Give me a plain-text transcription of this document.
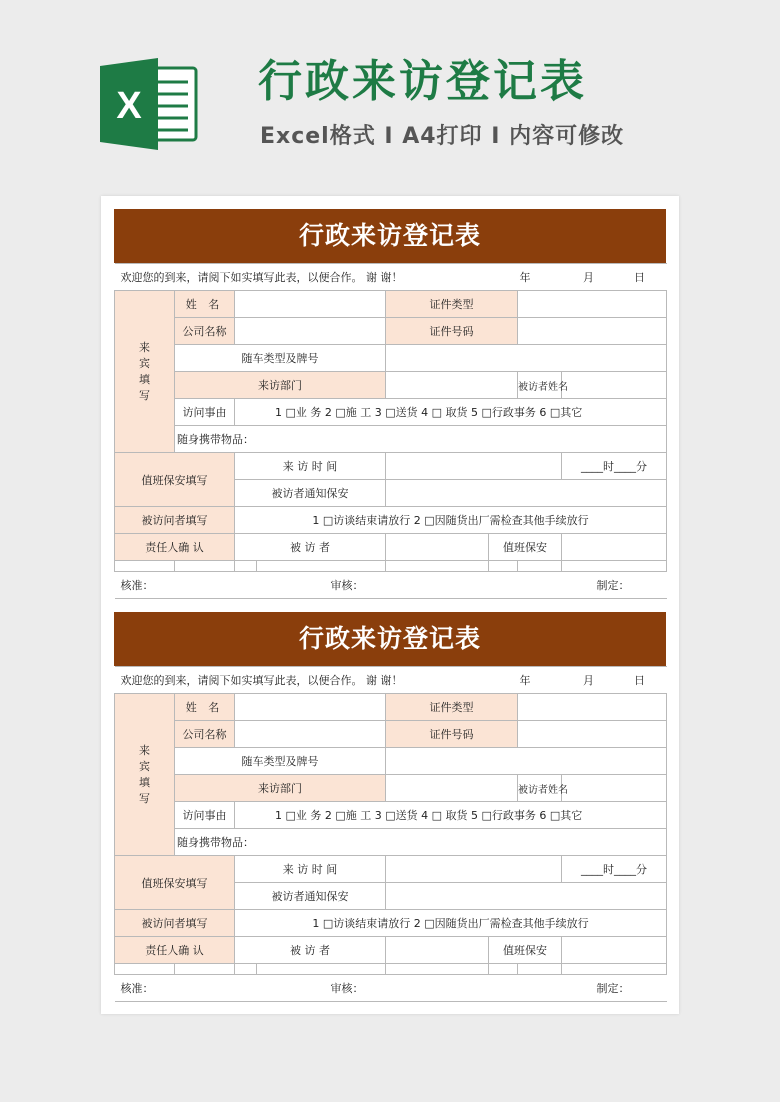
X	行政来访登记表
Excel格式 I A4打印 I 内容可修改
行政来访登记表
欢迎您的到来，请阅下如实填写此表，以便合作。 谢 谢！					年		月 日
来
宾
填
写	姓 名			证件类型			
	公司名称			证件号码			
	随车类型及牌号						
	来访部门					被访者姓名	
	访问事由	1 □业 务 2 □施 工 3 □送货 4 □ 取货 5 □行政事务 6 □其它					
	随身携带物品：						
值班保安填写		来 访 时 间					____时____分
		被访者通知保安					
被访问者填写		1 □访谈结束请放行 2 □因随货出厂需检查其他手续放行					
责任人确 认		被 访 者			值班保安		

核准：			审核：		制定：		
行政来访登记表
欢迎您的到来，请阅下如实填写此表，以便合作。 谢 谢！					年		月 日
来
宾
填
写	姓 名			证件类型			
	公司名称			证件号码			
	随车类型及牌号						
	来访部门					被访者姓名	
	访问事由	1 □业 务 2 □施 工 3 □送货 4 □ 取货 5 □行政事务 6 □其它					
	随身携带物品：						
值班保安填写		来 访 时 间					____时____分
		被访者通知保安					
被访问者填写		1 □访谈结束请放行 2 □因随货出厂需检查其他手续放行					
责任人确 认		被 访 者			值班保安		

核准：			审核：		制定：		
